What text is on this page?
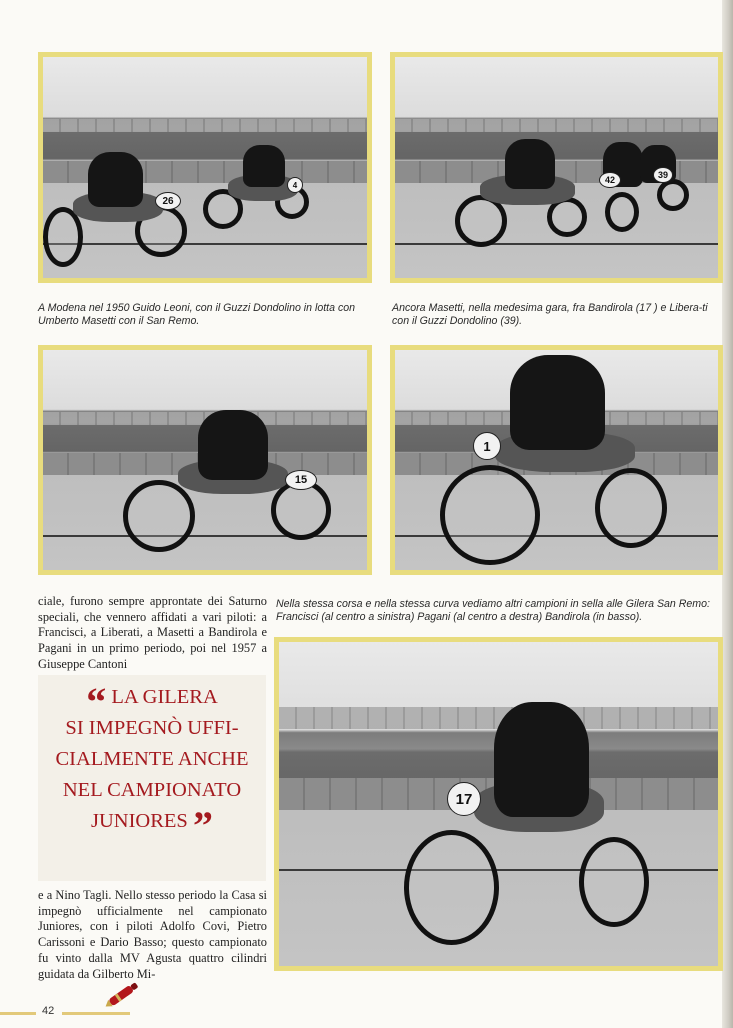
26
4	42	39
A Modena nel 1950 Guido Leoni, con il Guzzi Dondolino in lotta con Umberto Masetti con il San Remo.
Ancora Masetti, nella medesima gara, fra Bandirola (17 ) e Libera-ti con il Guzzi Dondolino (39).
15
1

ciale, furono sempre approntate dei Saturno speciali, che vennero affidati a vari piloti: a Francisci, a Liberati, a Masetti a Bandirola e Pagani in un primo periodo, poi nel 1957 a Giuseppe Cantoni

“ LA GILERA
SI IMPEGNÒ UFFI-
CIALMENTE ANCHE
NEL CAMPIONATO
JUNIORES ”

e a Nino Tagli. Nello stesso periodo la Casa si impegnò ufficialmente nel campionato Juniores, con i piloti Adolfo Covi, Pietro Carissoni e Dario Basso; questo campionato fu vinto dalla MV Agusta quattro cilindri guidata da Gilberto Mi-

Nella stessa corsa e nella stessa curva vediamo altri campioni in sella alle Gilera San Remo: Francisci (al centro a sinistra) Pagani (al centro a destra) Bandirola (in basso).
17
42
